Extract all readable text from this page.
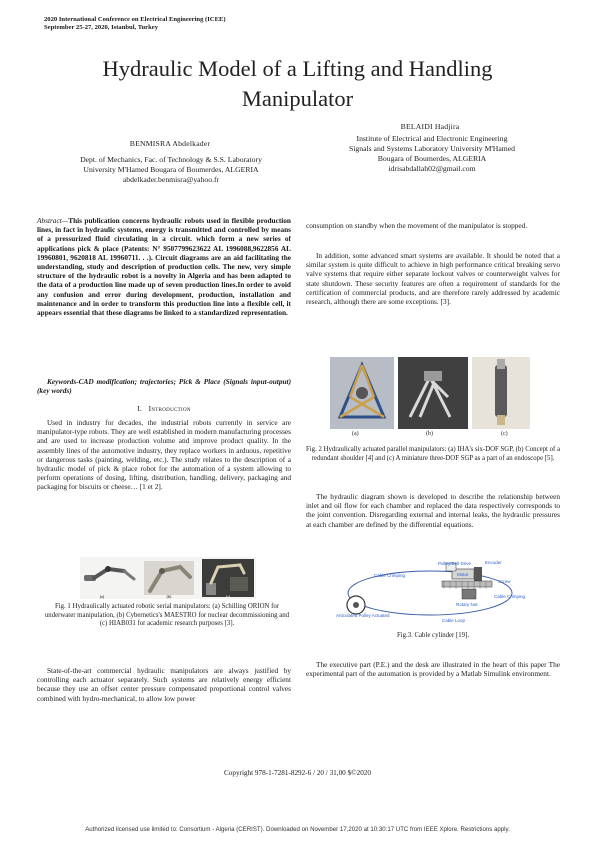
2020 International Conference on Electrical Engineering (ICEE)
September 25-27, 2020, Istanbul, Turkey
Hydraulic Model of a Lifting and Handling
Manipulator
BENMISRA Abdelkader
Dept. of Mechanics, Fac. of Technology & S.S. Laboratory
University M'Hamed Bougara of Boumerdes, ALGERIA
abdelkader.benmisra@yahoo.fr
BELAIDI Hadjira
Institute of Electrical and Electronic Engineering
Signals and Systems Laboratory University M'Hamed
Bougara of Boumerdes, ALGERIA
idrisabdallah02@gmail.com
Abstract—This publication concerns hydraulic robots used in flexible production lines, in fact in hydraulic systems, energy is transmitted and controlled by means of a pressurized fluid circulating in a circuit. which form a new series of applications pick & place (Patents: N° 9507799623622 AL 1996088,9622856 AL 19960801, 9620818 AL 19960711. . .). Circuit diagrams are an aid facilitating the understanding, study and description of production cells. The new, very simple structure of the hydraulic robot is a novelty in Algeria and has been adapted to the data of a production line made up of seven production lines.In order to avoid any confusion and error during development, production, installation and maintenance and in order to transform this production line into a flexible cell, it appears essential that these diagrams be linked to a standardized representation.
Keywords-CAD modification; trajectories; Pick & Place (Signals input-output) (key words)
I. Introduction
Used in industry for decades, the industrial robots currently in service are manipulator-type robots. They are well established in modern manufacturing processes and are used to increase production volume and improve product quality. In the assembly lines of the automotive industry, they replace workers in arduous, repetitive or dangerous tasks (painting, welding, etc.). The study relates to the description of a hydraulic model of pick & place robot for the automation of a system allowing to perform operations of dosing, lifting, distribution, handling, delivery, packaging and packaging for biscuits or cheese… [1 et 2].
(a)	(b)	(c)
Fig. 1 Hydraulically actuated robotic serial manipulators: (a) Schilling ORION for underwater manipulation, (b) Cybernetics's MAESTRO for nuclear decommissioning and (c) HIAB031 for academic research purposes [3].
State-of-the-art commercial hydraulic manipulators are always justified by controlling each actuator separately. Such systems are relatively energy efficient because they use an offset center pressure compensated proportional control valves combined with hydro-mechanical, to allow low power
consumption on standby when the movement of the manipulator is stopped.
In addition, some advanced smart systems are available. It should be noted that a similar system is quite difficult to achieve in high performance critical breaking servo valve systems that require either separate lockout valves or counterweight valves for state shutdown. These security features are often a requirement of standards for the certification of commercial products, and are therefore rarely addressed by academic research, although there are some exceptions. [3].
(a)	(b)	(c)
Fig. 2 Hydraulically actuated parallel manipulators: (a) IHA's six-DOF SGP, (b) Concept of a redundant shoulder [4] and (c) A miniature three-DOF SGP as a part of an endoscope [5].
The hydraulic diagram shown is developed to describe the relationship between inlet and oil flow for each chamber and replaced the data respectively corresponds to the joint convention. Disregarding external and internal leaks, the hydraulic pressures at each chamber are defined by the differential equations.
Pulley/Belt Drive	Encoder
Motor
Cable Crimping
Screw
Cable Crimping
Articulated Pulley Actuated
Rotary Nut
Cable Loop
Fig.3. Cable cylinder [19].
The executive part (P.E.) and the desk are illustrated in the heart of this paper The experimental part of the automation is provided by a Matlab Simulink environment.
Copyright 978-1-7281-8292-6 / 20 / 31,00 $©2020
Authorized licensed use limited to: Consortium - Algeria (CERIST). Downloaded on November 17,2020 at 10:30:17 UTC from IEEE Xplore. Restrictions apply.
